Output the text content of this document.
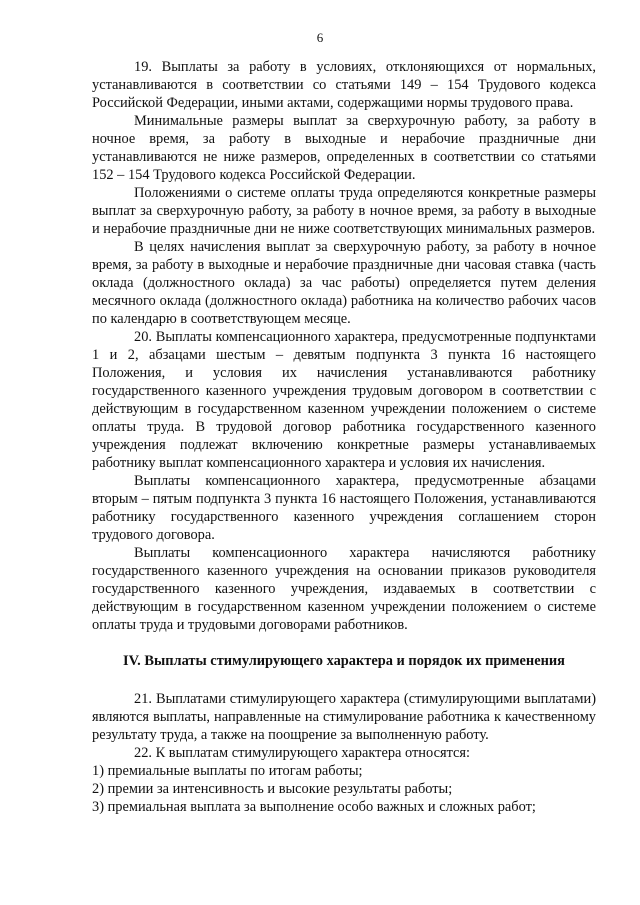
6

19. Выплаты за работу в условиях, отклоняющихся от нормальных, устанавливаются в соответствии со статьями 149 – 154 Трудового кодекса Российской Федерации, иными актами, содержащими нормы трудового права.

Минимальные размеры выплат за сверхурочную работу, за работу в ночное время, за работу в выходные и нерабочие праздничные дни устанавливаются не ниже размеров, определенных в соответствии со статьями 152 – 154 Трудового кодекса Российской Федерации.

Положениями о системе оплаты труда определяются конкретные размеры выплат за сверхурочную работу, за работу в ночное время, за работу в выходные и нерабочие праздничные дни не ниже соответствующих минимальных размеров.

В целях начисления выплат за сверхурочную работу, за работу в ночное время, за работу в выходные и нерабочие праздничные дни часовая ставка (часть оклада (должностного оклада) за час работы) определяется путем деления месячного оклада (должностного оклада) работника на количество рабочих часов по календарю в соответствующем месяце.

20. Выплаты компенсационного характера, предусмотренные подпунктами 1 и 2, абзацами шестым – девятым подпункта 3 пункта 16 настоящего Положения, и условия их начисления устанавливаются работнику государственного казенного учреждения трудовым договором в соответствии с действующим в государственном казенном учреждении положением о системе оплаты труда. В трудовой договор работника государственного казенного учреждения подлежат включению конкретные размеры устанавливаемых работнику выплат компенсационного характера и условия их начисления.

Выплаты компенсационного характера, предусмотренные абзацами вторым – пятым подпункта 3 пункта 16 настоящего Положения, устанавливаются работнику государственного казенного учреждения соглашением сторон трудового договора.

Выплаты компенсационного характера начисляются работнику государственного казенного учреждения на основании приказов руководителя государственного казенного учреждения, издаваемых в соответствии с действующим в государственном казенном учреждении положением о системе оплаты труда и трудовыми договорами работников.

IV. Выплаты стимулирующего характера и порядок их применения

21. Выплатами стимулирующего характера (стимулирующими выплатами) являются выплаты, направленные на стимулирование работника к качественному результату труда, а также на поощрение за выполненную работу.

22. К выплатам стимулирующего характера относятся:

1) премиальные выплаты по итогам работы;

2) премии за интенсивность и высокие результаты работы;

3) премиальная выплата за выполнение особо важных и сложных работ;
